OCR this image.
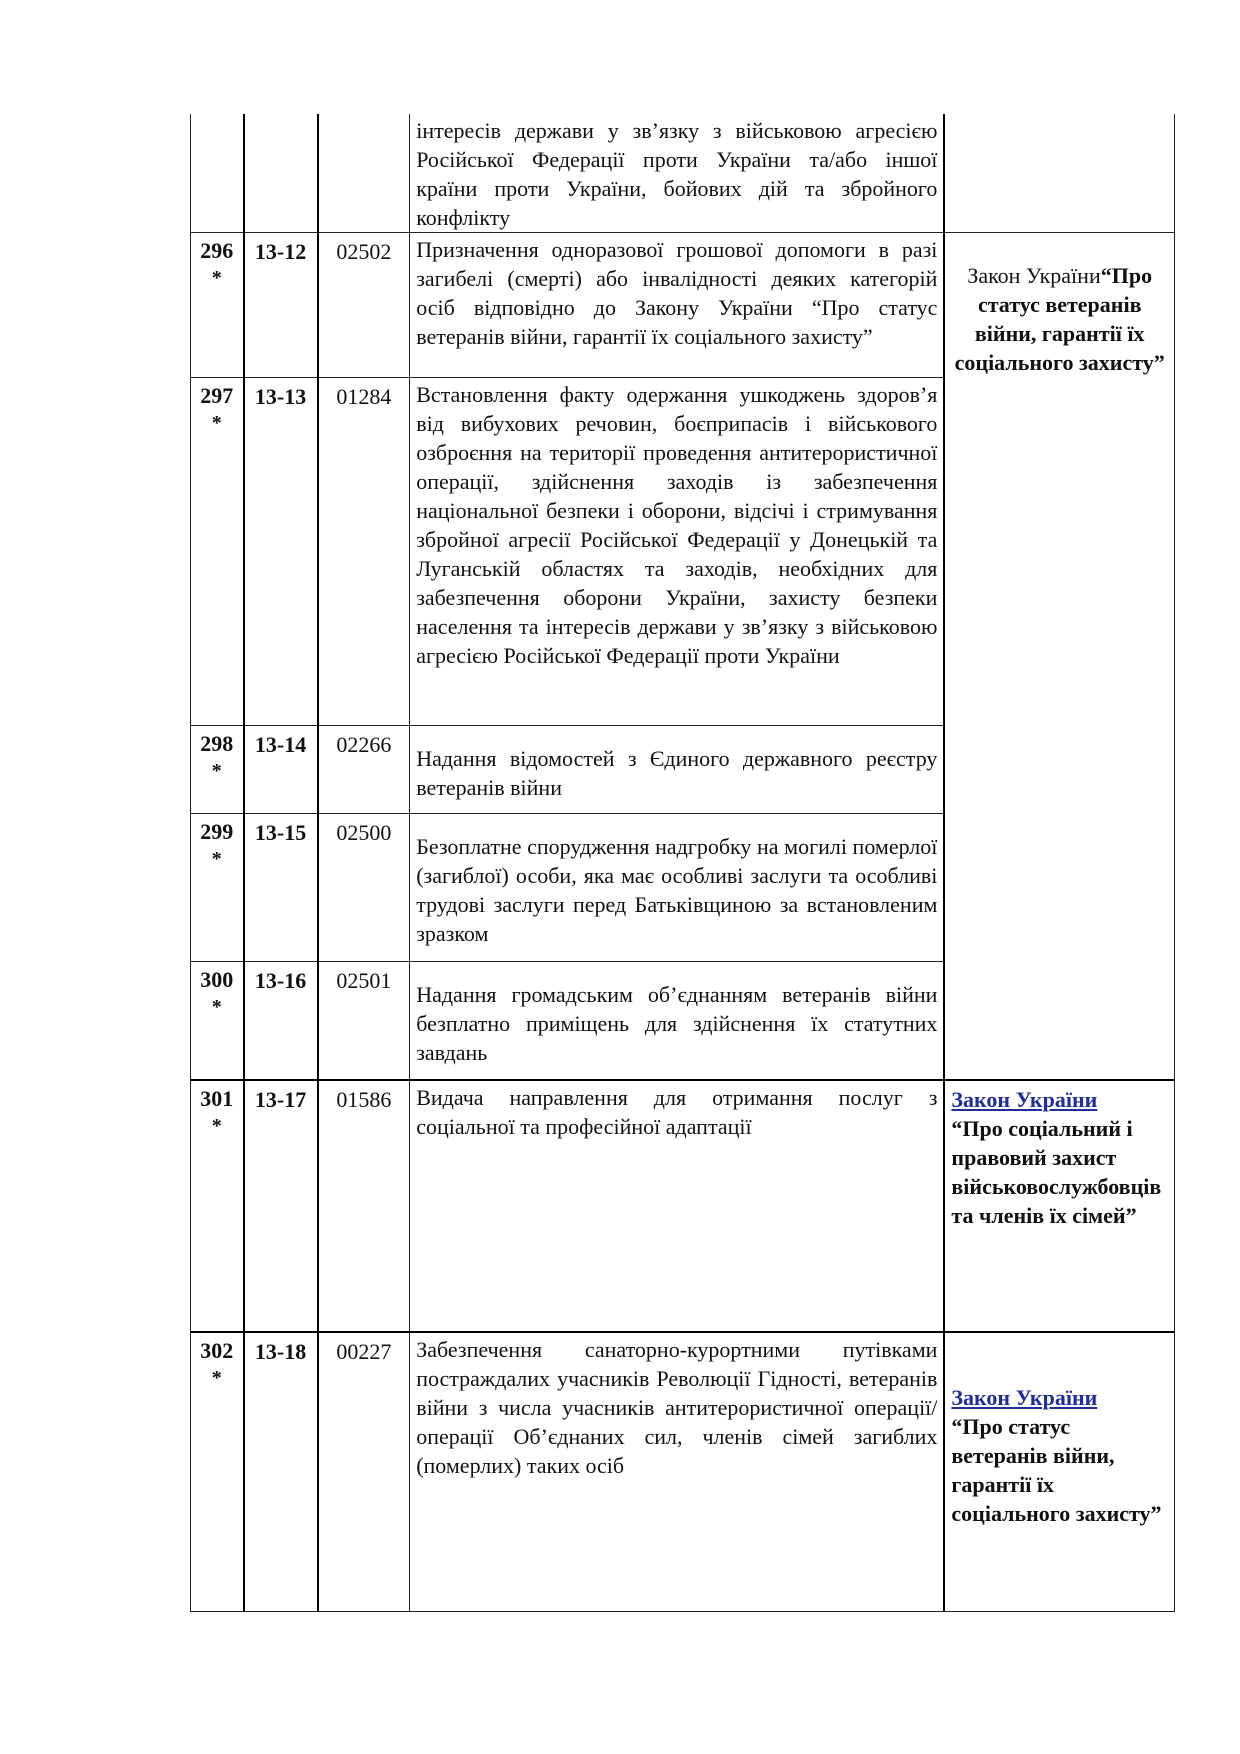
			інтересів держави у зв’язку з військовою агресією Російської Федерації проти України та/або іншої країни проти України, бойових дій та збройного конфлікту	

296
*	13-12	02502	Призначення одноразової грошової допомоги в разі загибелі (смерті) або інвалідності деяких категорій осіб відповідно до Закону України “Про статус ветеранів війни, гарантії їх соціального захисту”	Закон України“Про статус ветеранів війни, гарантії їх соціального захисту”

297
*	13-13	01284	Встановлення факту одержання ушкоджень здоров’я від вибухових речовин, боєприпасів і військового озброєння на території проведення антитерористичної операції, здійснення заходів із забезпечення національної безпеки і оборони, відсічі і стримування збройної агресії Російської Федерації у Донецькій та Луганській областях та заходів, необхідних для забезпечення оборони України, захисту безпеки населення та інтересів держави у зв’язку з військовою агресією Російської Федерації проти України	

298
*	13-14	02266	Надання відомостей з Єдиного державного реєстру ветеранів війни	

299
*	13-15	02500	Безоплатне спорудження надгробку на могилі померлої (загиблої) особи, яка має особливі заслуги та особливі трудові заслуги перед Батьківщиною за встановленим зразком	

300
*	13-16	02501	Надання громадським об’єднанням ветеранів війни безплатно приміщень для здійснення їх статутних завдань	

301
*	13-17	01586	Видача направлення для отримання послуг з соціальної та професійної адаптації	Закон України
“Про соціальний і правовий захист військовослужбовців та членів їх сімей”

302
*	13-18	00227	Забезпечення санаторно-курортними путівками постраждалих учасників Революції Гідності, ветеранів війни з числа учасників антитерористичної операції/операції Об’єднаних сил, членів сімей загиблих (померлих) таких осіб	Закон України
“Про статус ветеранів війни, гарантії їх соціального захисту”
